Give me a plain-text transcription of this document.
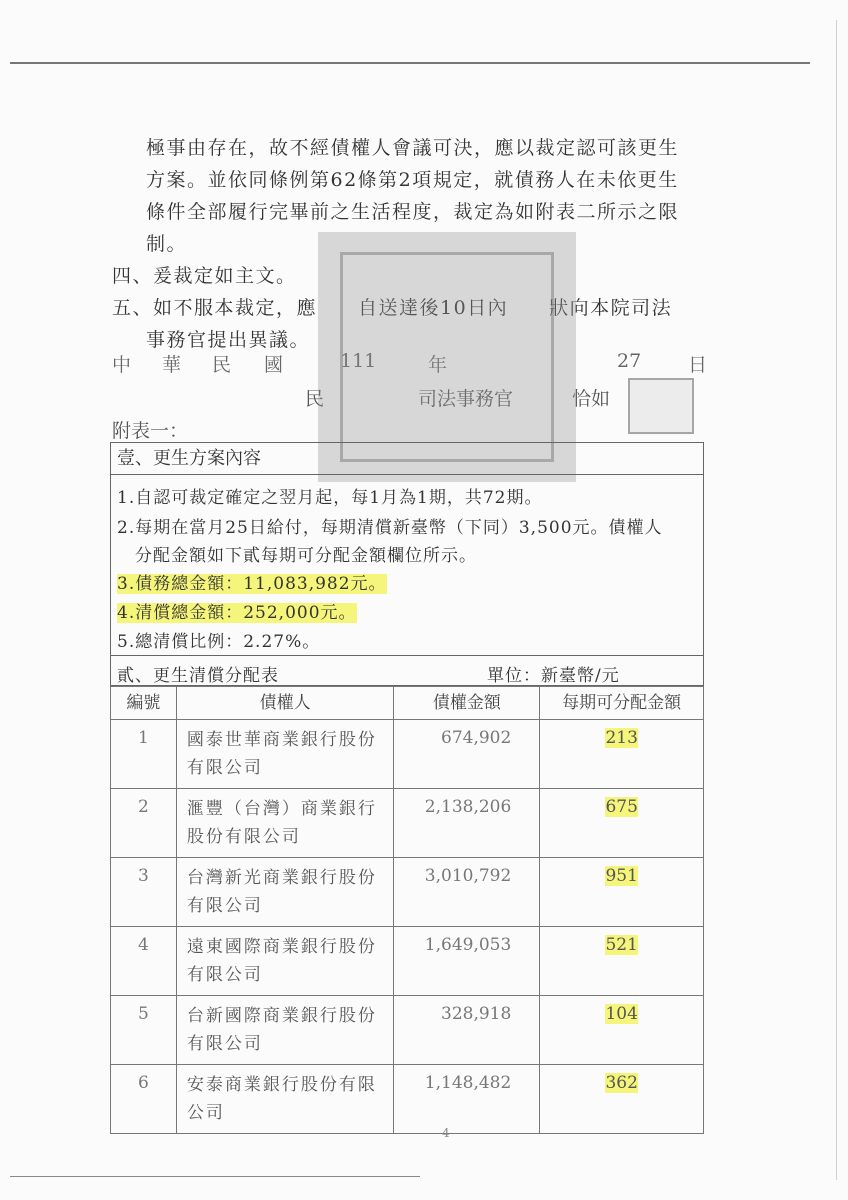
極事由存在，故不經債權人會議可決，應以裁定認可該更生
方案。並依同條例第62條第2項規定，就債務人在未依更生
條件全部履行完畢前之生活程度，裁定為如附表二所示之限
制。
四、爰裁定如主文。
五、如不服本裁定，應　　自送達後10日內　　狀向本院司法
事務官提出異議。
中 華 民 國	111	年	27 日
民	司法事務官	恰如
附表一：
壹、更生方案內容
1.自認可裁定確定之翌月起，每1月為1期，共72期。
2.每期在當月25日給付，每期清償新臺幣（下同）3,500元。債權人
分配金額如下貳每期可分配金額欄位所示。
3.債務總金額：11,083,982元。
4.清償總金額：252,000元。
5.總清償比例：2.27%。
貳、更生清償分配表	單位：新臺幣/元
編號	債權人	債權金額	每期可分配金額
1	國泰世華商業銀行股份
有限公司	674,902	213
2	滙豐（台灣）商業銀行
股份有限公司	2,138,206	675
3	台灣新光商業銀行股份
有限公司	3,010,792	951
4	遠東國際商業銀行股份
有限公司	1,649,053	521
5	台新國際商業銀行股份
有限公司	328,918	104
6	安泰商業銀行股份有限
公司	1,148,482	362
4
